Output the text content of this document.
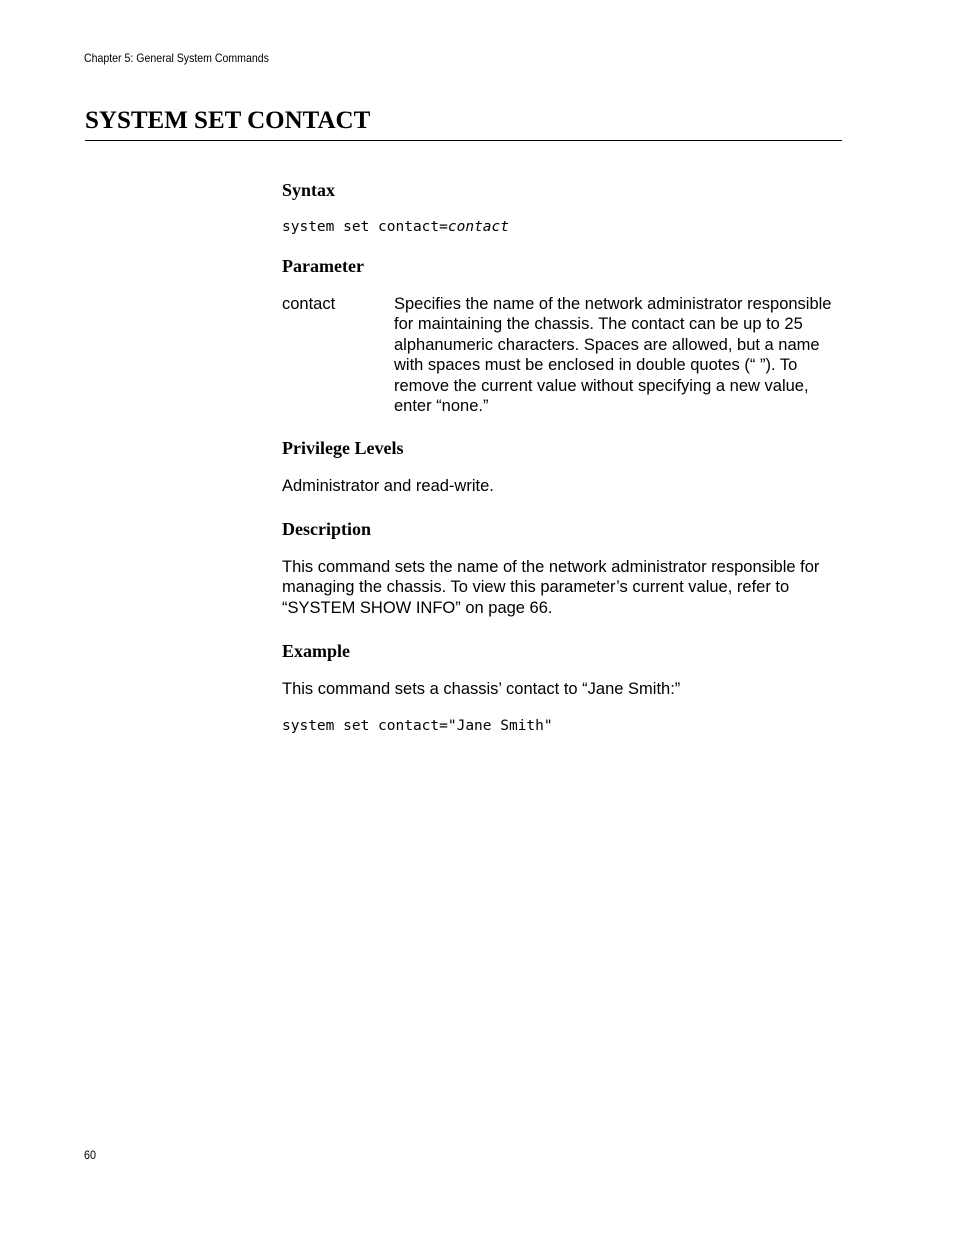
Chapter 5: General System Commands
SYSTEM SET CONTACT
Syntax
system set contact=contact
Parameter
contact	Specifies the name of the network administrator responsible for maintaining the chassis. The contact can be up to 25 alphanumeric characters. Spaces are allowed, but a name with spaces must be enclosed in double quotes (“ ”). To remove the current value without specifying a new value, enter “none.”

Privilege Levels

Administrator and read-write.

Description

This command sets the name of the network administrator responsible for managing the chassis. To view this parameter’s current value, refer to “SYSTEM SHOW INFO” on page 66.

Example

This command sets a chassis’ contact to “Jane Smith:”

system set contact="Jane Smith"
60
